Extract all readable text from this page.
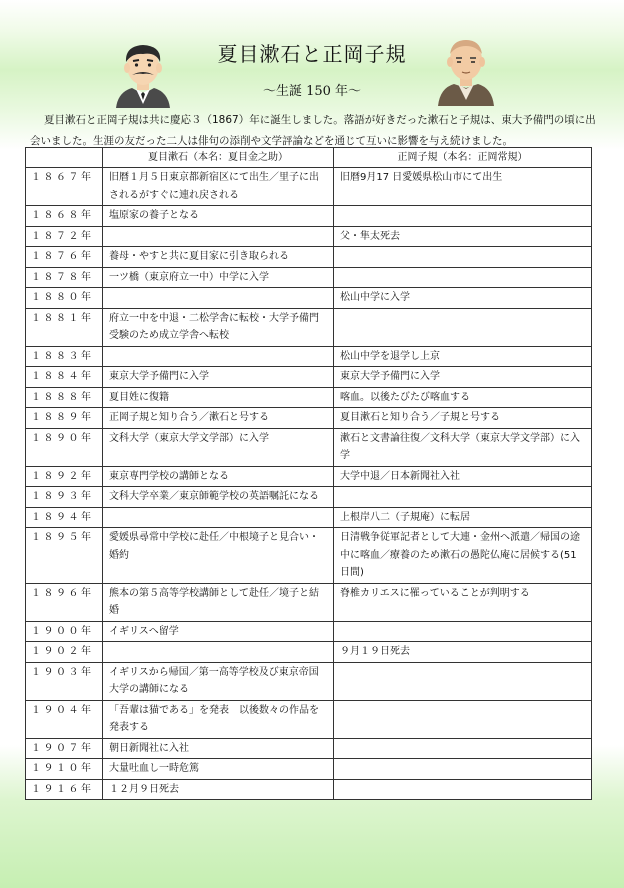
夏目漱石と正岡子規
～生誕 150 年～

夏目漱石と正岡子規は共に慶応３（1867）年に誕生しました。落語が好きだった漱石と子規は、東大予備門の頃に出会いました。生涯の友だった二人は俳句の添削や文学評論などを通じて互いに影響を与え続けました。

	夏目漱石（本名：夏目金之助）	正岡子規（本名：正岡常規）
１８６７年	旧暦１月５日東京都新宿区にて出生／里子に出されるがすぐに連れ戻される	旧暦9月17 日愛媛県松山市にて出生
１８６８年	塩原家の養子となる	
１８７２年		父・隼太死去
１８７６年	養母・やすと共に夏目家に引き取られる	
１８７８年	一ツ橋（東京府立一中）中学に入学	
１８８０年		松山中学に入学
１８８１年	府立一中を中退・二松学舎に転校・大学予備門受験のため成立学舎へ転校	
１８８３年		松山中学を退学し上京
１８８４年	東京大学予備門に入学	東京大学予備門に入学
１８８８年	夏目姓に復籍	喀血。以後たびたび喀血する
１８８９年	正岡子規と知り合う／漱石と号する	夏目漱石と知り合う／子規と号する
１８９０年	文科大学（東京大学文学部）に入学	漱石と文書論往復／文科大学（東京大学文学部）に入学
１８９２年	東京専門学校の講師となる	大学中退／日本新聞社入社
１８９３年	文科大学卒業／東京師範学校の英語嘱託になる	
１８９４年		上根岸八二（子規庵）に転居
１８９５年	愛媛県尋常中学校に赴任／中根境子と見合い・婚約	日清戦争従軍記者として大連・金州へ派遣／帰国の途中に喀血／療養のため漱石の愚陀仏庵に居候する(51 日間)
１８９６年	熊本の第５高等学校講師として赴任／境子と結婚	脊椎カリエスに罹っていることが判明する
１９００年	イギリスへ留学	
１９０２年		９月１９日死去
１９０３年	イギリスから帰国／第一高等学校及び東京帝国大学の講師になる	
１９０４年	「吾輩は猫である」を発表　以後数々の作品を発表する	
１９０７年	朝日新聞社に入社	
１９１０年	大量吐血し一時危篤	
１９１６年	１２月９日死去	
